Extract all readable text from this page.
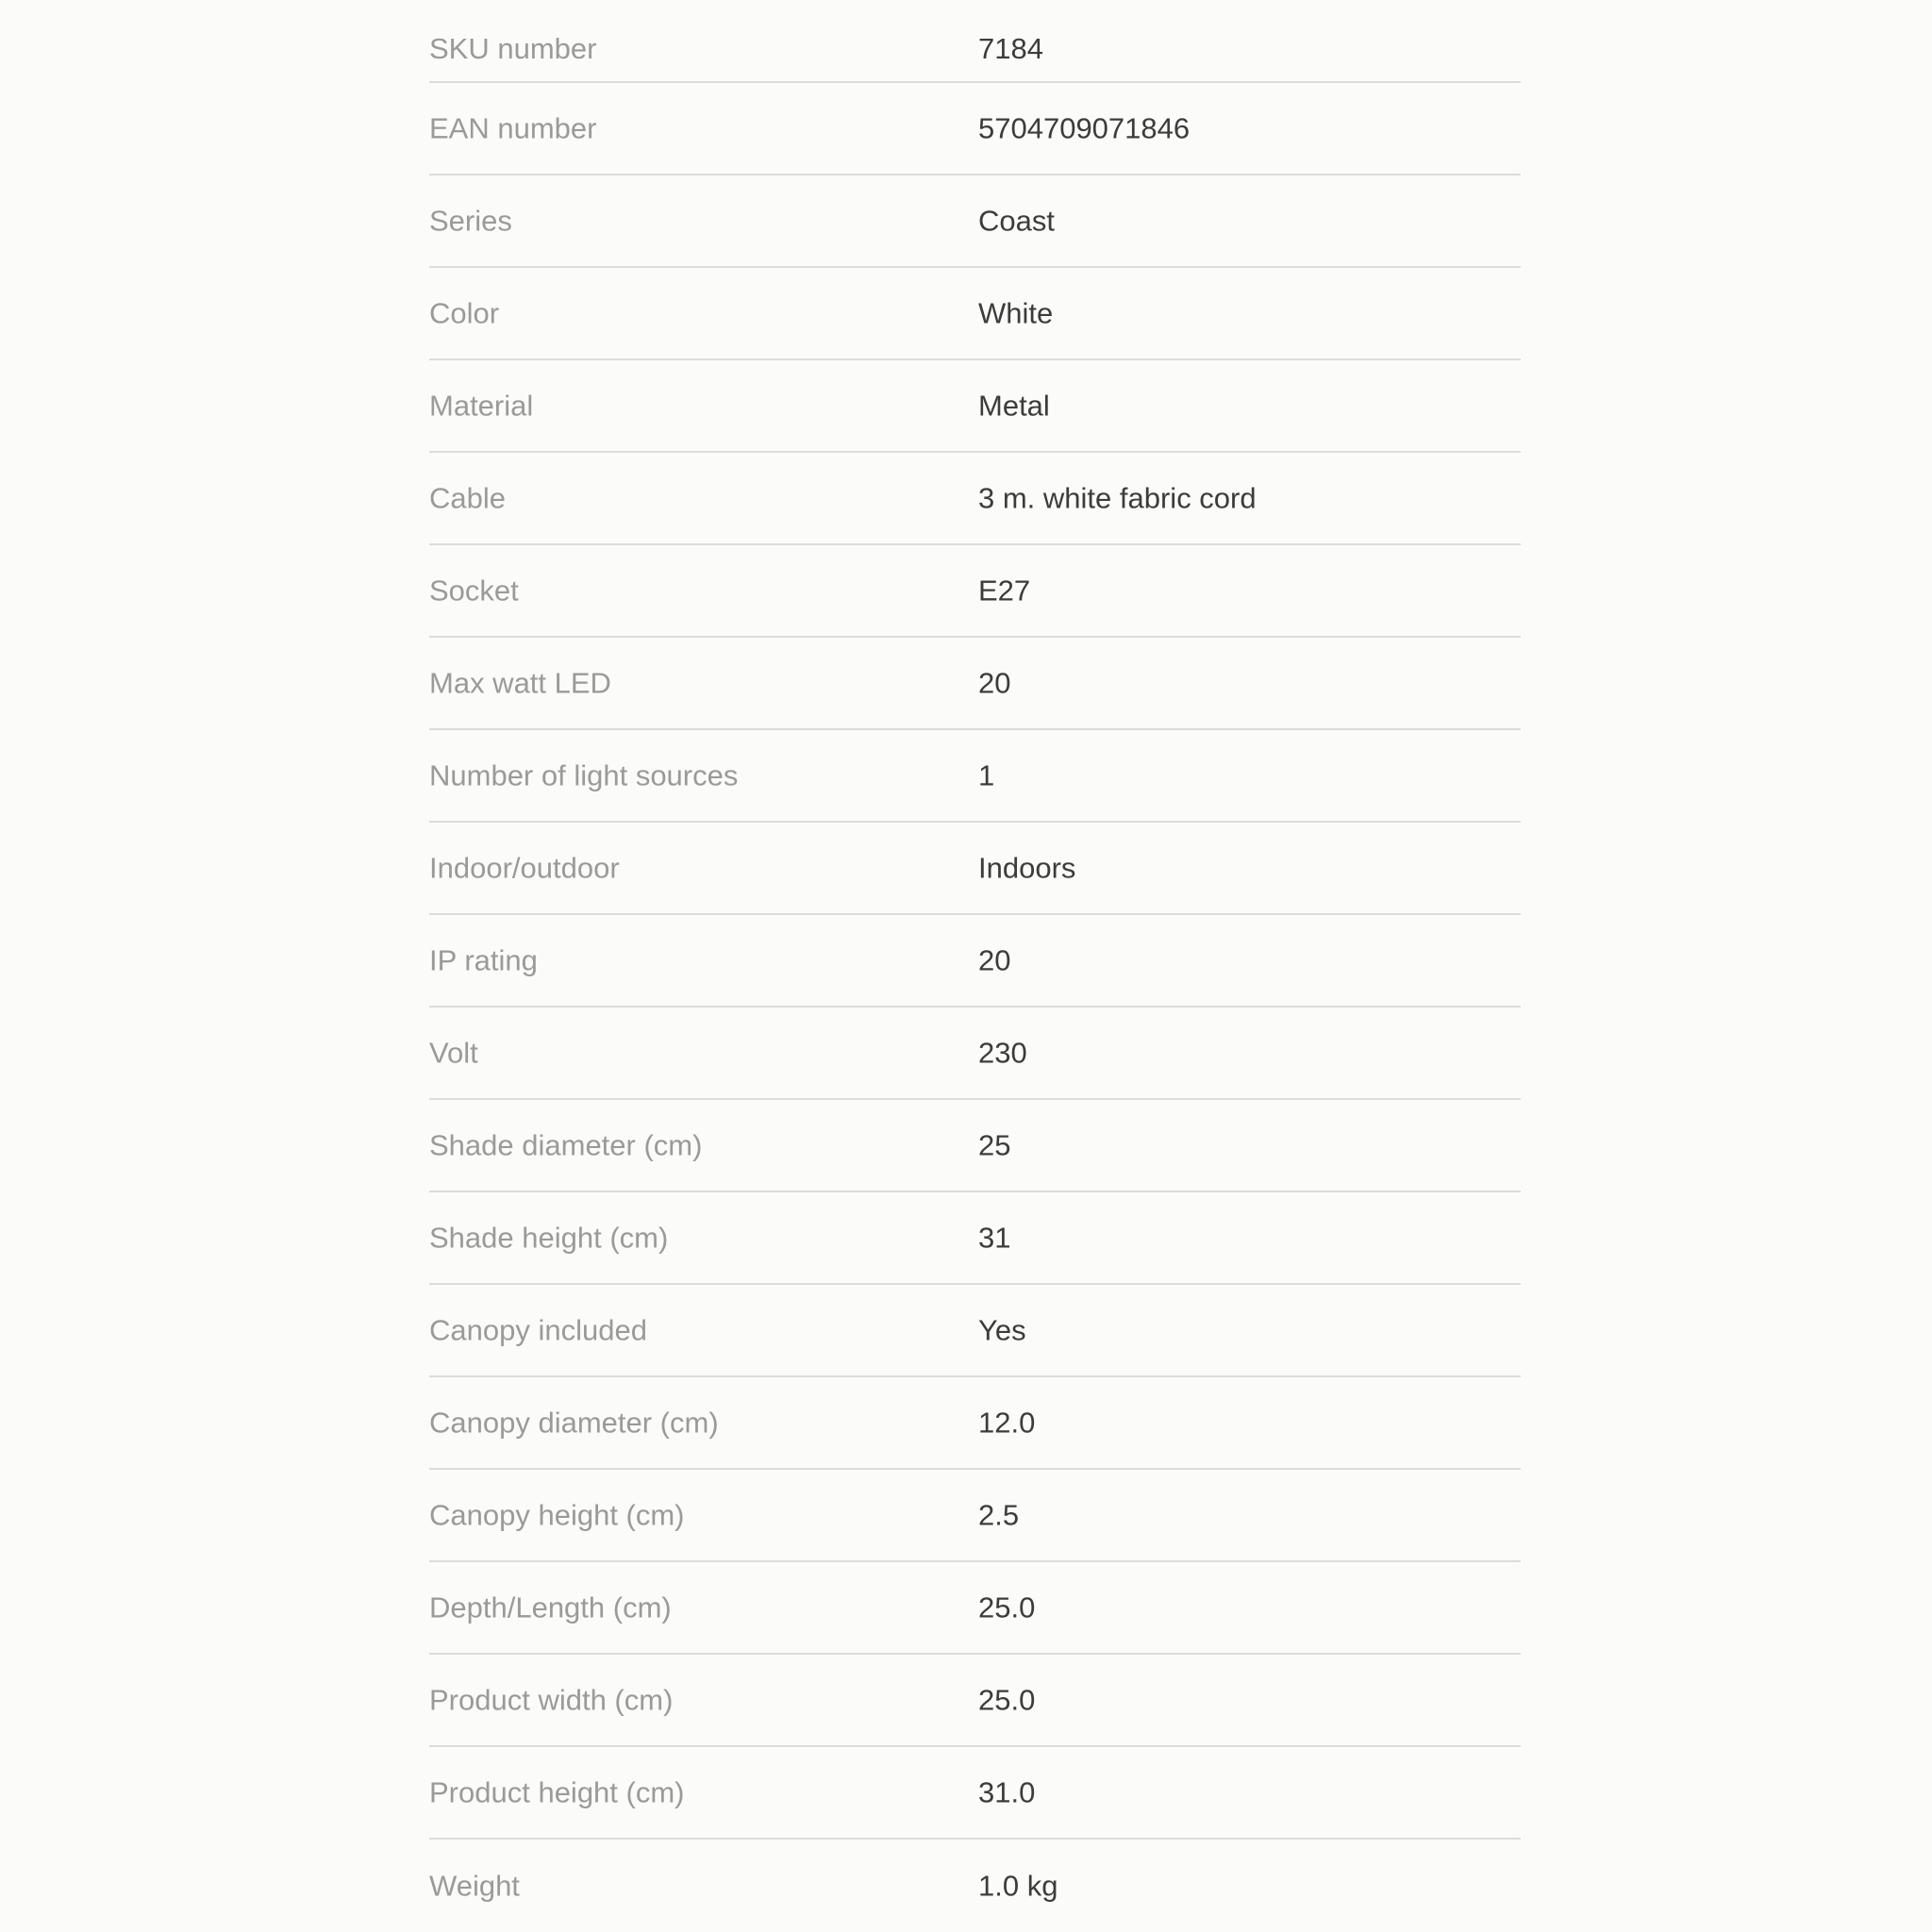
SKU number	7184
EAN number	5704709071846
Series	Coast
Color	White
Material	Metal
Cable	3 m. white fabric cord
Socket	E27
Max watt LED	20
Number of light sources	1
Indoor/outdoor	Indoors
IP rating	20
Volt	230
Shade diameter (cm)	25
Shade height (cm)	31
Canopy included	Yes
Canopy diameter (cm)	12.0
Canopy height (cm)	2.5
Depth/Length (cm)	25.0
Product width (cm)	25.0
Product height (cm)	31.0
Weight	1.0 kg
